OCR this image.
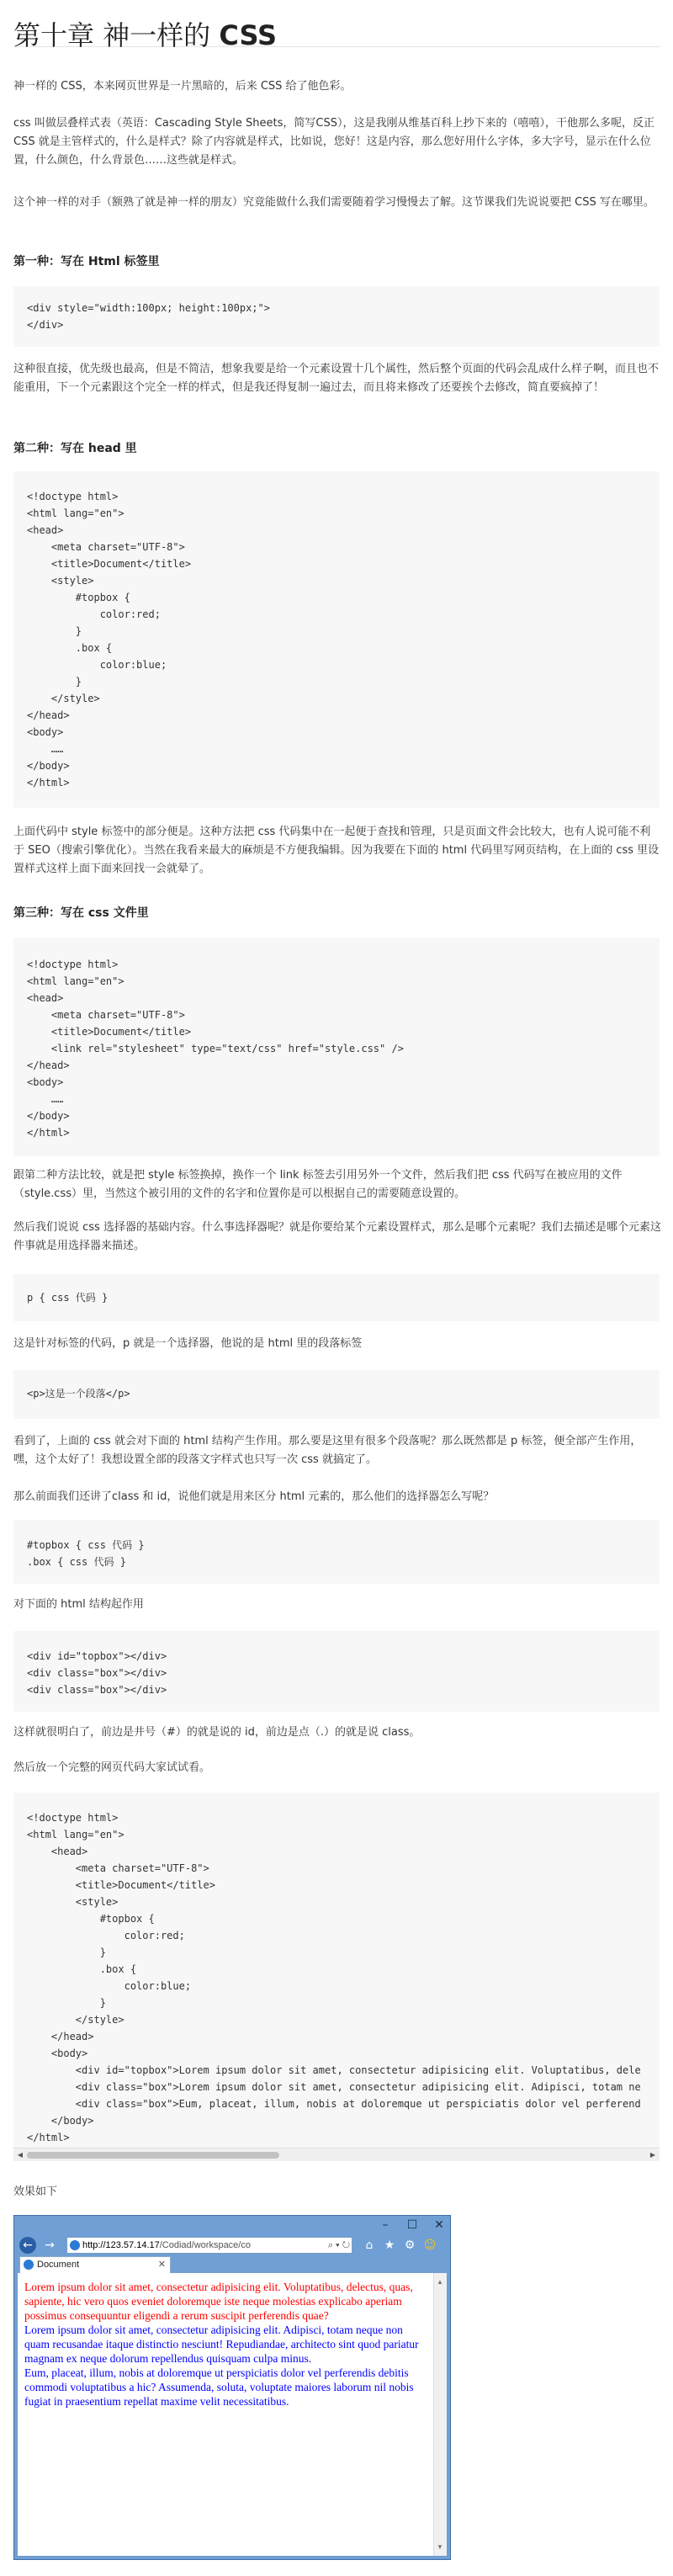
第十章 神一样的 CSS

神一样的 CSS，本来网页世界是一片黑暗的，后来 CSS 给了他色彩。

css 叫做层叠样式表（英语：Cascading Style Sheets，简写CSS），这是我刚从维基百科上抄下来的（嘻嘻），干他那么多呢，反正 CSS 就是主管样式的，什么是样式？除了内容就是样式，比如说，您好！这是内容，那么您好用什么字体，多大字号，显示在什么位置，什么颜色，什么背景色……这些就是样式。

这个神一样的对手（额熟了就是神一样的朋友）究竟能做什么我们需要随着学习慢慢去了解。这节课我们先说说要把 CSS 写在哪里。

第一种：写在 Html 标签里
<div style="width:100px; height:100px;">
</div>

这种很直接，优先级也最高，但是不简洁，想象我要是给一个元素设置十几个属性，然后整个页面的代码会乱成什么样子啊，而且也不能重用，下一个元素跟这个完全一样的样式，但是我还得复制一遍过去，而且将来修改了还要挨个去修改，简直要疯掉了！

第二种：写在 head 里
<!doctype html>
<html lang="en">
<head>
<meta charset="UTF-8">
<title>Document</title>
<style>
#topbox {
color:red;
}
.box {
color:blue;
}
</style>
</head>
<body>
……
</body>
</html>

上面代码中 style 标签中的部分便是。这种方法把 css 代码集中在一起便于查找和管理，只是页面文件会比较大，也有人说可能不利于 SEO（搜索引擎优化）。当然在我看来最大的麻烦是不方便我编辑。因为我要在下面的 html 代码里写网页结构，在上面的 css 里设置样式这样上面下面来回找一会就晕了。

第三种：写在 css 文件里
<!doctype html>
<html lang="en">
<head>
<meta charset="UTF-8">
<title>Document</title>
<link rel="stylesheet" type="text/css" href="style.css" />
</head>
<body>
……
</body>
</html>

跟第二种方法比较，就是把 style 标签换掉，换作一个 link 标签去引用另外一个文件，然后我们把 css 代码写在被应用的文件（style.css）里，当然这个被引用的文件的名字和位置你是可以根据自己的需要随意设置的。

然后我们说说 css 选择器的基础内容。什么事选择器呢？就是你要给某个元素设置样式，那么是哪个元素呢？我们去描述是哪个元素这件事就是用选择器来描述。

p { css 代码 }

这是针对标签的代码，p 就是一个选择器，他说的是 html 里的段落标签

<p>这是一个段落</p>

看到了，上面的 css 就会对下面的 html 结构产生作用。那么要是这里有很多个段落呢？那么既然都是 p 标签，便全部产生作用，嘿，这个太好了！我想设置全部的段落文字样式也只写一次 css 就搞定了。

那么前面我们还讲了class 和 id，说他们就是用来区分 html 元素的，那么他们的选择器怎么写呢？

#topbox { css 代码 }
.box { css 代码 }

对下面的 html 结构起作用

<div id="topbox"></div>
<div class="box"></div>
<div class="box"></div>

这样就很明白了，前边是井号（#）的就是说的 id，前边是点（.）的就是说 class。

然后放一个完整的网页代码大家试试看。

<!doctype html>
<html lang="en">
<head>
<meta charset="UTF-8">
<title>Document</title>
<style>
#topbox {
color:red;
}
.box {
color:blue;
}
</style>
</head>
<body>
<div id="topbox">Lorem ipsum dolor sit amet, consectetur adipisicing elit. Voluptatibus, dele
<div class="box">Lorem ipsum dolor sit amet, consectetur adipisicing elit. Adipisci, totam ne
<div class="box">Eum, placeat, illum, nobis at doloremque ut perspiciatis dolor vel perferend
</body>
</html>
◀	▶

效果如下

– ☐ ✕
← →	http://123.57.14.17/Codiad/workspace/co	⌕ ▾ ↻ ⌂ ★ ⚙ ☺
Document	✕
Lorem ipsum dolor sit amet, consectetur adipisicing elit. Voluptatibus, delectus, quas, sapiente, hic vero quos eveniet doloremque iste neque molestias explicabo aperiam possimus consequuntur eligendi a rerum suscipit perferendis quae?
Lorem ipsum dolor sit amet, consectetur adipisicing elit. Adipisci, totam neque non quam recusandae itaque distinctio nesciunt! Repudiandae, architecto sint quod pariatur magnam ex neque dolorum repellendus quisquam culpa minus.
Eum, placeat, illum, nobis at doloremque ut perspiciatis dolor vel perferendis debitis commodi voluptatibus a hic? Assumenda, soluta, voluptate maiores laborum nil nobis fugiat in praesentium repellat maxime velit necessitatibus.
▲
▼
